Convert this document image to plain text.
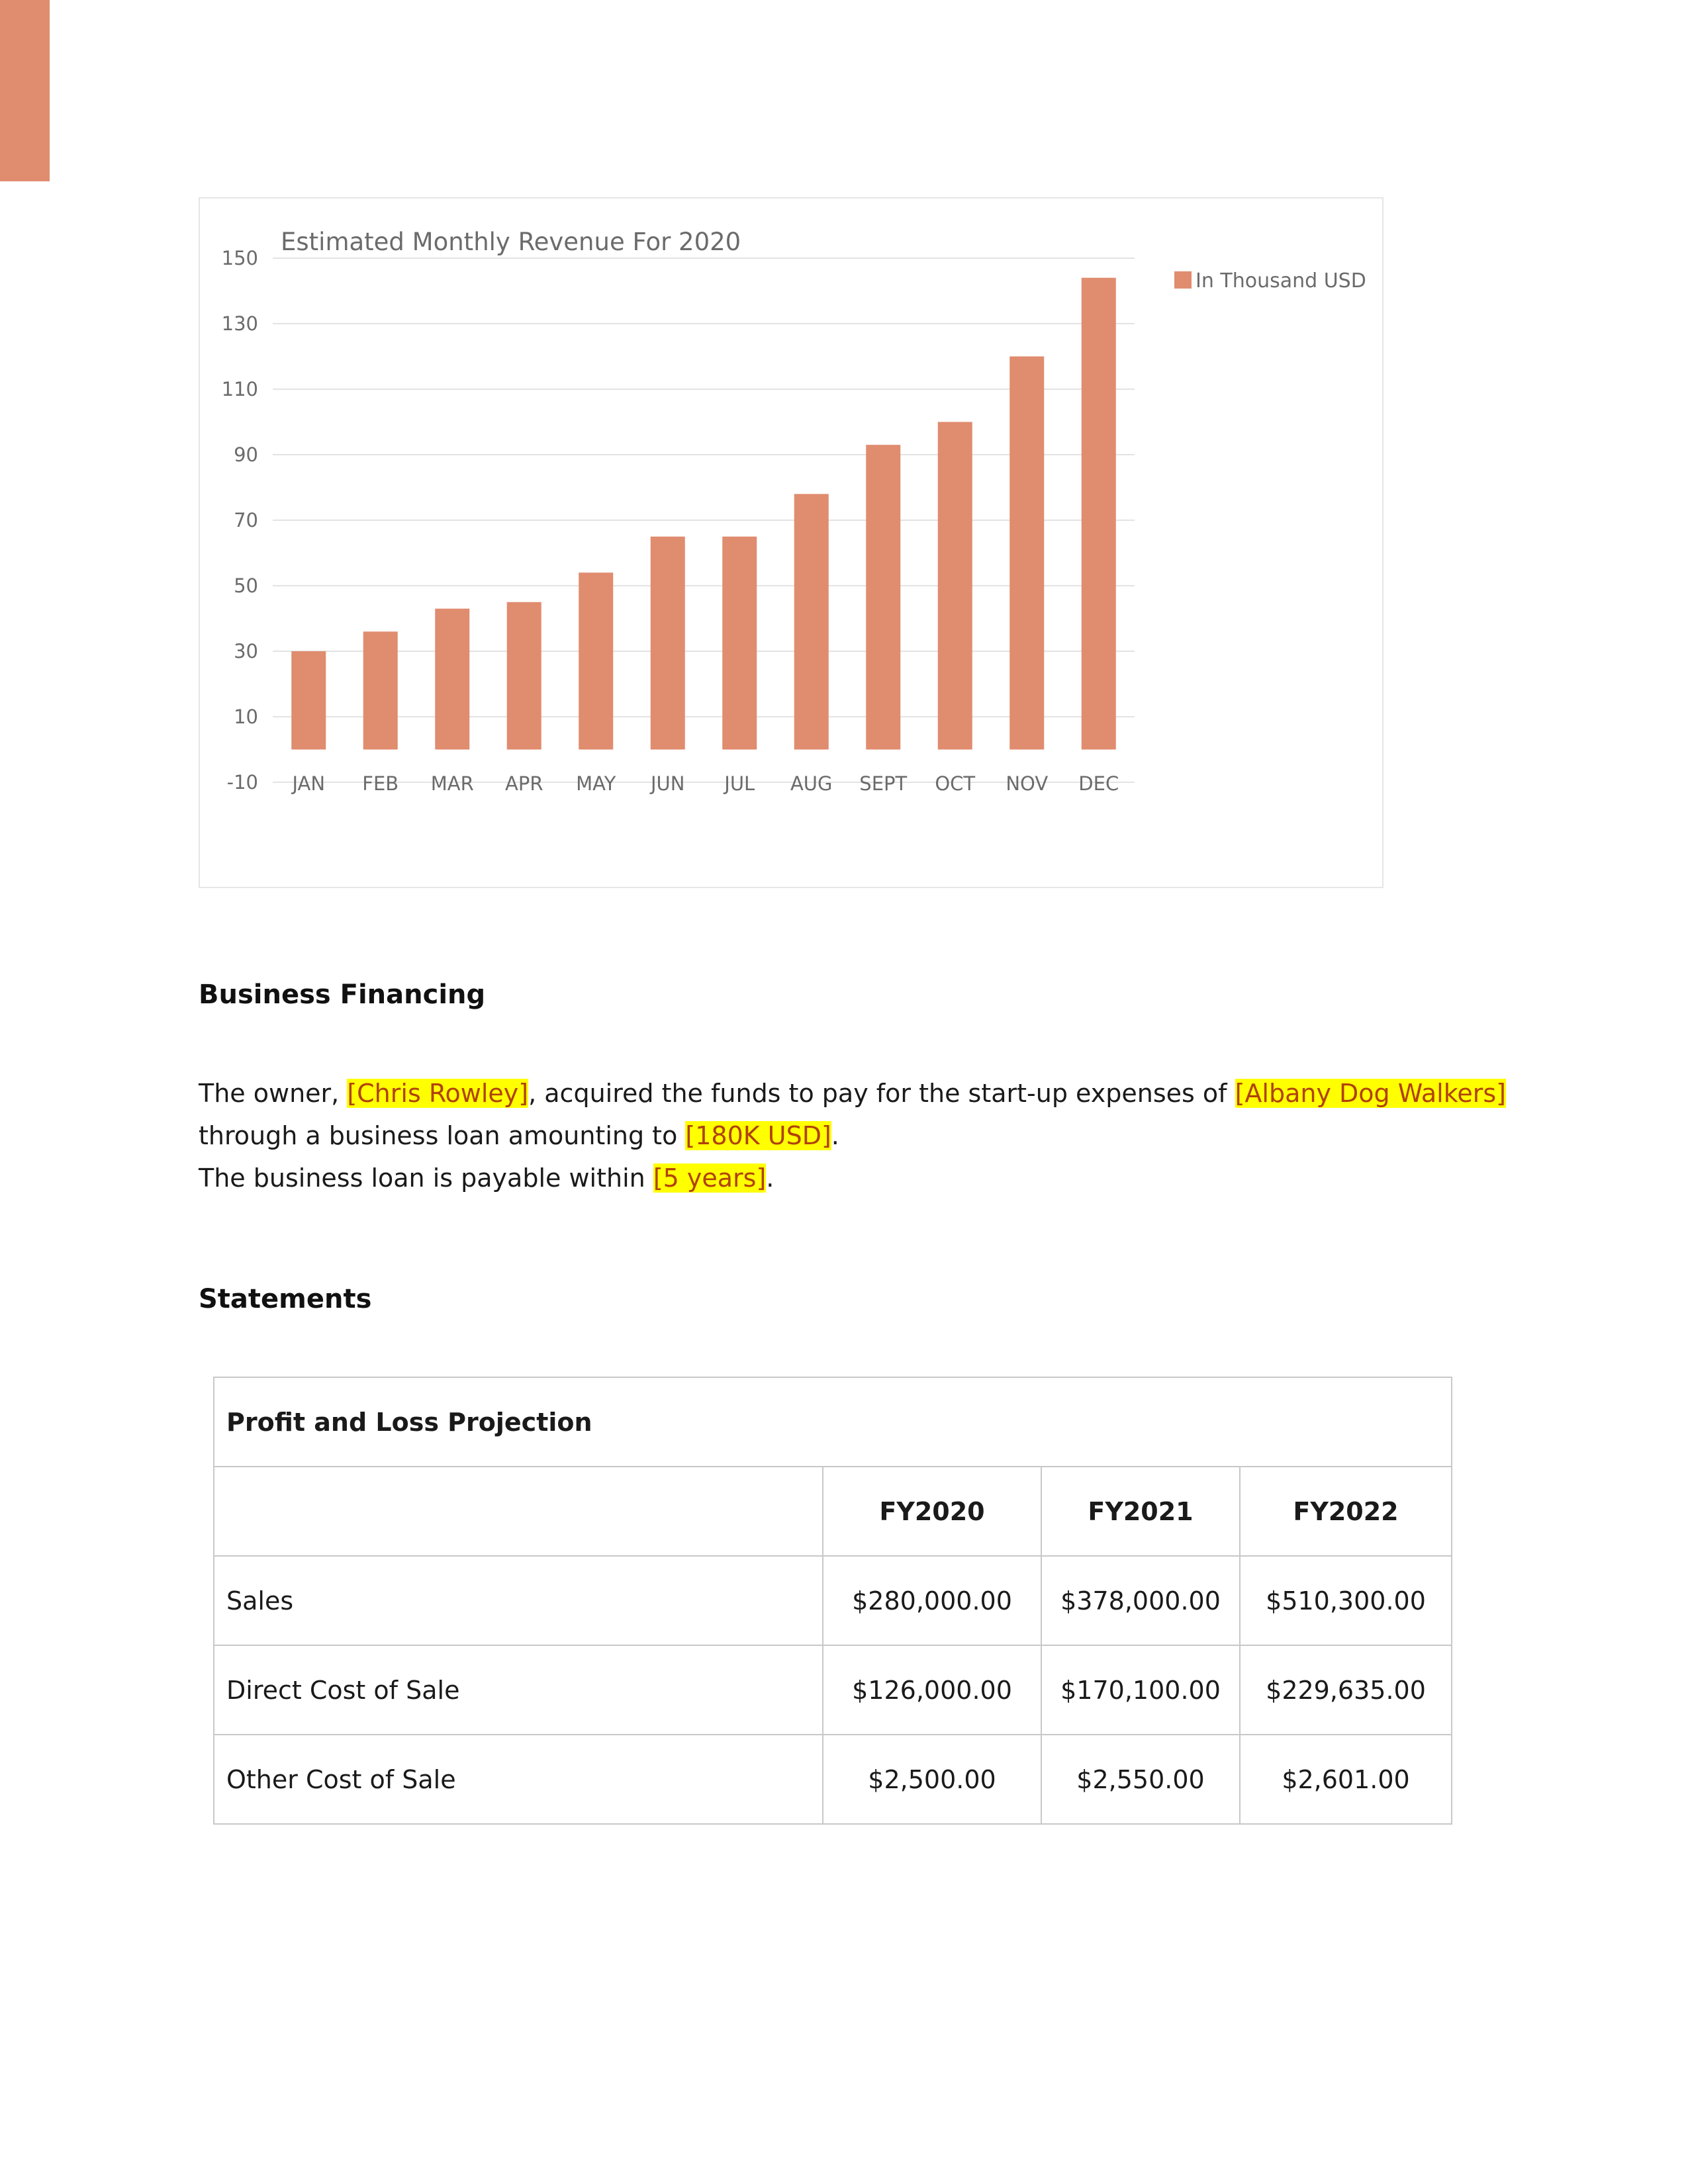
150
130
110
90
70
50
30
10
-10 JAN FEB MAR APR MAY JUN JUL AUG SEPT OCT NOV DEC
Estimated Monthly Revenue For 2020
In Thousand USD
Business Financing
The owner, [Chris Rowley], acquired the funds to pay for the start-up expenses of [Albany Dog Walkers]
through a business loan amounting to [180K USD].
The business loan is payable within [5 years].
Statements
Profit and Loss Projection			
	FY2020	FY2021	FY2022
Sales	$280,000.00	$378,000.00	$510,300.00
Direct Cost of Sale	$126,000.00	$170,100.00	$229,635.00
Other Cost of Sale	$2,500.00	$2,550.00	$2,601.00
